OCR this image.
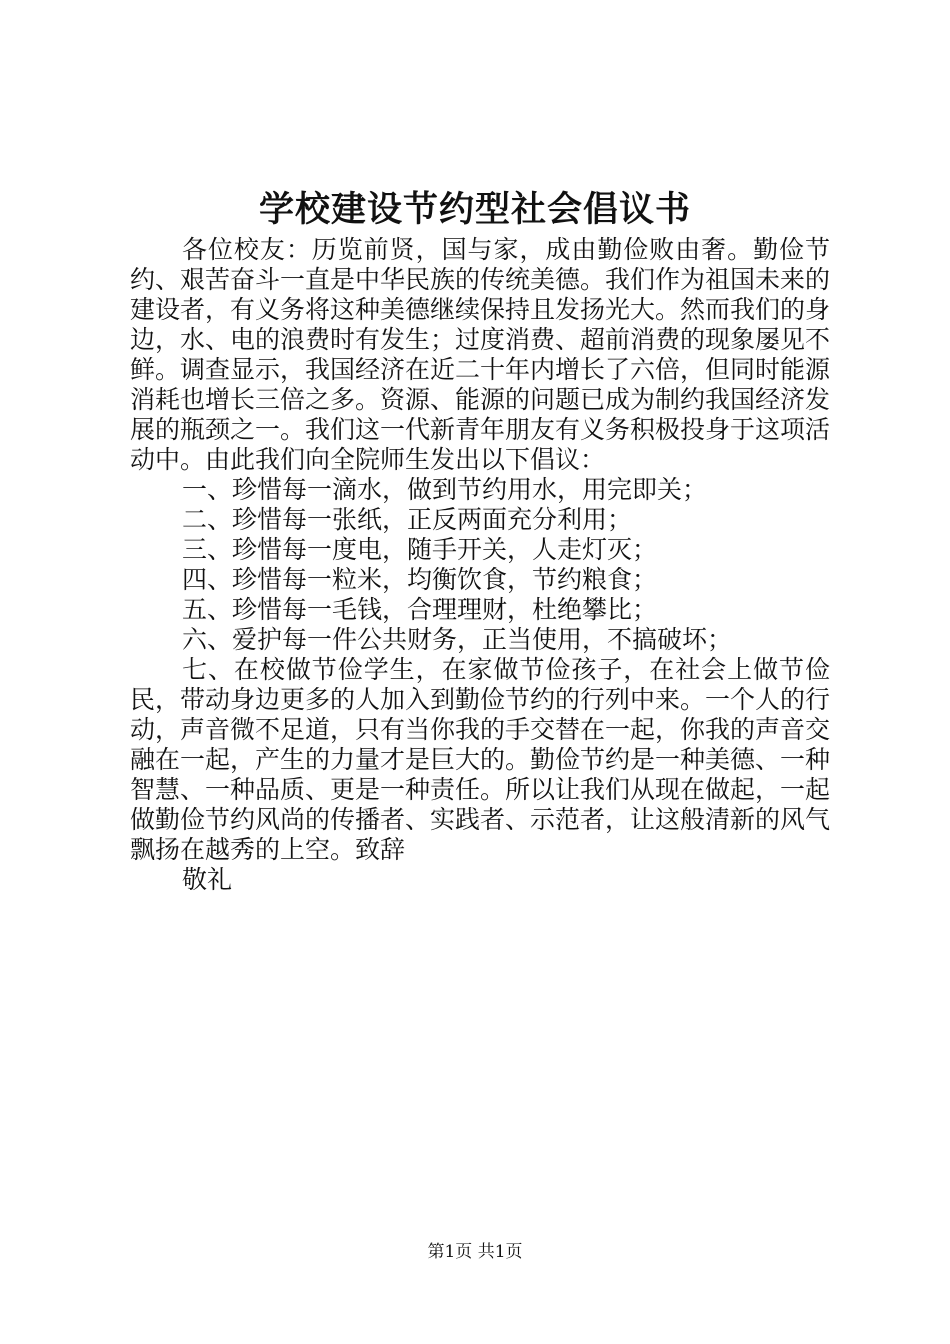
学校建设节约型社会倡议书

各位校友：历览前贤，国与家，成由勤俭败由奢。勤俭节约、艰苦奋斗一直是中华民族的传统美德。我们作为祖国未来的建设者，有义务将这种美德继续保持且发扬光大。然而我们的身边，水、电的浪费时有发生；过度消费、超前消费的现象屡见不鲜。调查显示，我国经济在近二十年内增长了六倍，但同时能源消耗也增长三倍之多。资源、能源的问题已成为制约我国经济发展的瓶颈之一。我们这一代新青年朋友有义务积极投身于这项活动中。由此我们向全院师生发出以下倡议：

一、珍惜每一滴水，做到节约用水，用完即关；

二、珍惜每一张纸，正反两面充分利用；

三、珍惜每一度电，随手开关，人走灯灭；

四、珍惜每一粒米，均衡饮食，节约粮食；

五、珍惜每一毛钱，合理理财，杜绝攀比；

六、爱护每一件公共财务，正当使用，不搞破坏；

七、在校做节俭学生，在家做节俭孩子，在社会上做节俭民，带动身边更多的人加入到勤俭节约的行列中来。一个人的行动，声音微不足道，只有当你我的手交替在一起，你我的声音交融在一起，产生的力量才是巨大的。勤俭节约是一种美德、一种智慧、一种品质、更是一种责任。所以让我们从现在做起，一起做勤俭节约风尚的传播者、实践者、示范者，让这般清新的风气飘扬在越秀的上空。致辞

敬礼

第1页 共1页
